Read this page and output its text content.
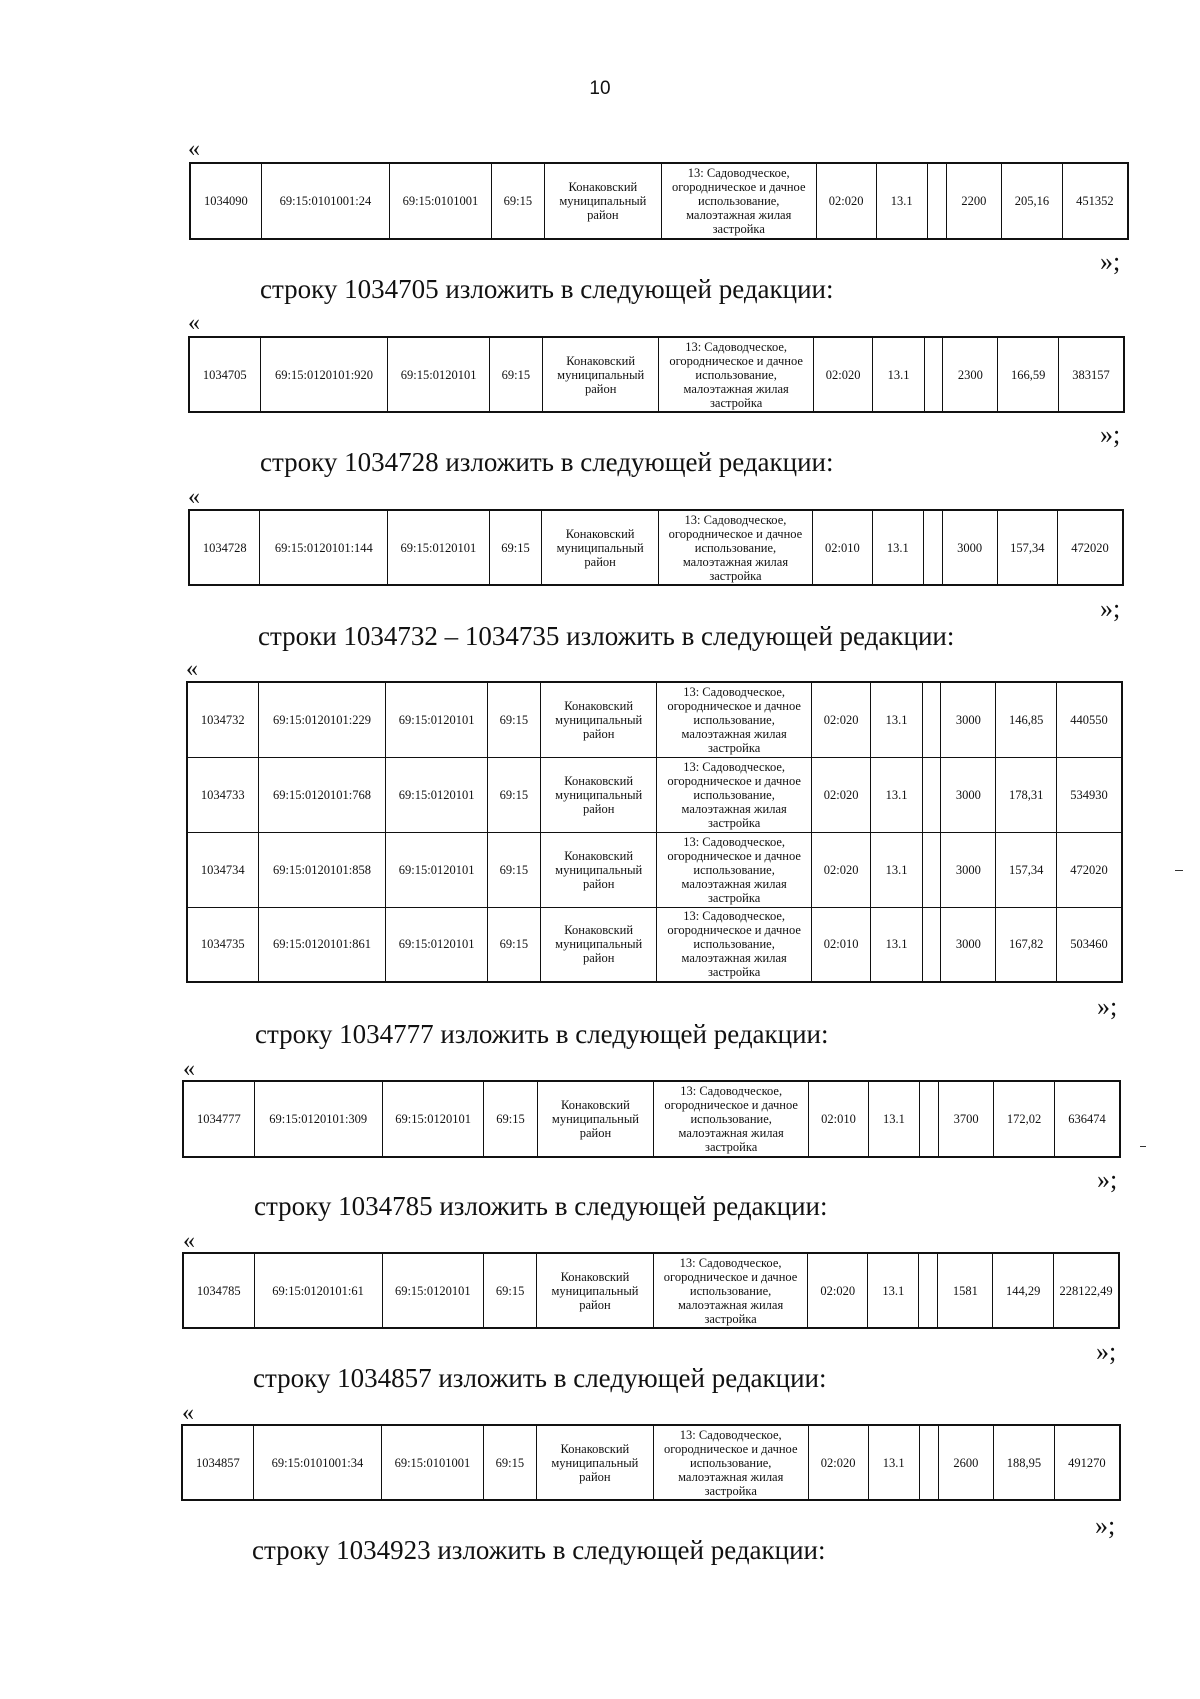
10
«
1034090	69:15:0101001:24	69:15:0101001	69:15	Конаковский муниципальный район	13: Садоводческое, огородническое и дачное использование, малоэтажная жилая застройка	02:020	13.1		2200	205,16	451352
»;
строку 1034705 изложить в следующей редакции:
«
1034705	69:15:0120101:920	69:15:0120101	69:15	Конаковский муниципальный район	13: Садоводческое, огородническое и дачное использование, малоэтажная жилая застройка	02:020	13.1		2300	166,59	383157
»;
строку 1034728 изложить в следующей редакции:
«
1034728	69:15:0120101:144	69:15:0120101	69:15	Конаковский муниципальный район	13: Садоводческое, огородническое и дачное использование, малоэтажная жилая застройка	02:010	13.1		3000	157,34	472020
»;
строки 1034732 – 1034735 изложить в следующей редакции:
«
1034732	69:15:0120101:229	69:15:0120101	69:15	Конаковский муниципальный район	13: Садоводческое, огородническое и дачное использование, малоэтажная жилая застройка	02:020	13.1		3000	146,85	440550
1034733	69:15:0120101:768	69:15:0120101	69:15	Конаковский муниципальный район	13: Садоводческое, огородническое и дачное использование, малоэтажная жилая застройка	02:020	13.1		3000	178,31	534930
1034734	69:15:0120101:858	69:15:0120101	69:15	Конаковский муниципальный район	13: Садоводческое, огородническое и дачное использование, малоэтажная жилая застройка	02:020	13.1		3000	157,34	472020
1034735	69:15:0120101:861	69:15:0120101	69:15	Конаковский муниципальный район	13: Садоводческое, огородническое и дачное использование, малоэтажная жилая застройка	02:010	13.1		3000	167,82	503460
»;
строку 1034777 изложить в следующей редакции:
«
1034777	69:15:0120101:309	69:15:0120101	69:15	Конаковский муниципальный район	13: Садоводческое, огородническое и дачное использование, малоэтажная жилая застройка	02:010	13.1		3700	172,02	636474
»;
строку 1034785 изложить в следующей редакции:
«
1034785	69:15:0120101:61	69:15:0120101	69:15	Конаковский муниципальный район	13: Садоводческое, огородническое и дачное использование, малоэтажная жилая застройка	02:020	13.1		1581	144,29	228122,49
»;
строку 1034857 изложить в следующей редакции:
«
1034857	69:15:0101001:34	69:15:0101001	69:15	Конаковский муниципальный район	13: Садоводческое, огородническое и дачное использование, малоэтажная жилая застройка	02:020	13.1		2600	188,95	491270
»;
строку 1034923 изложить в следующей редакции:
